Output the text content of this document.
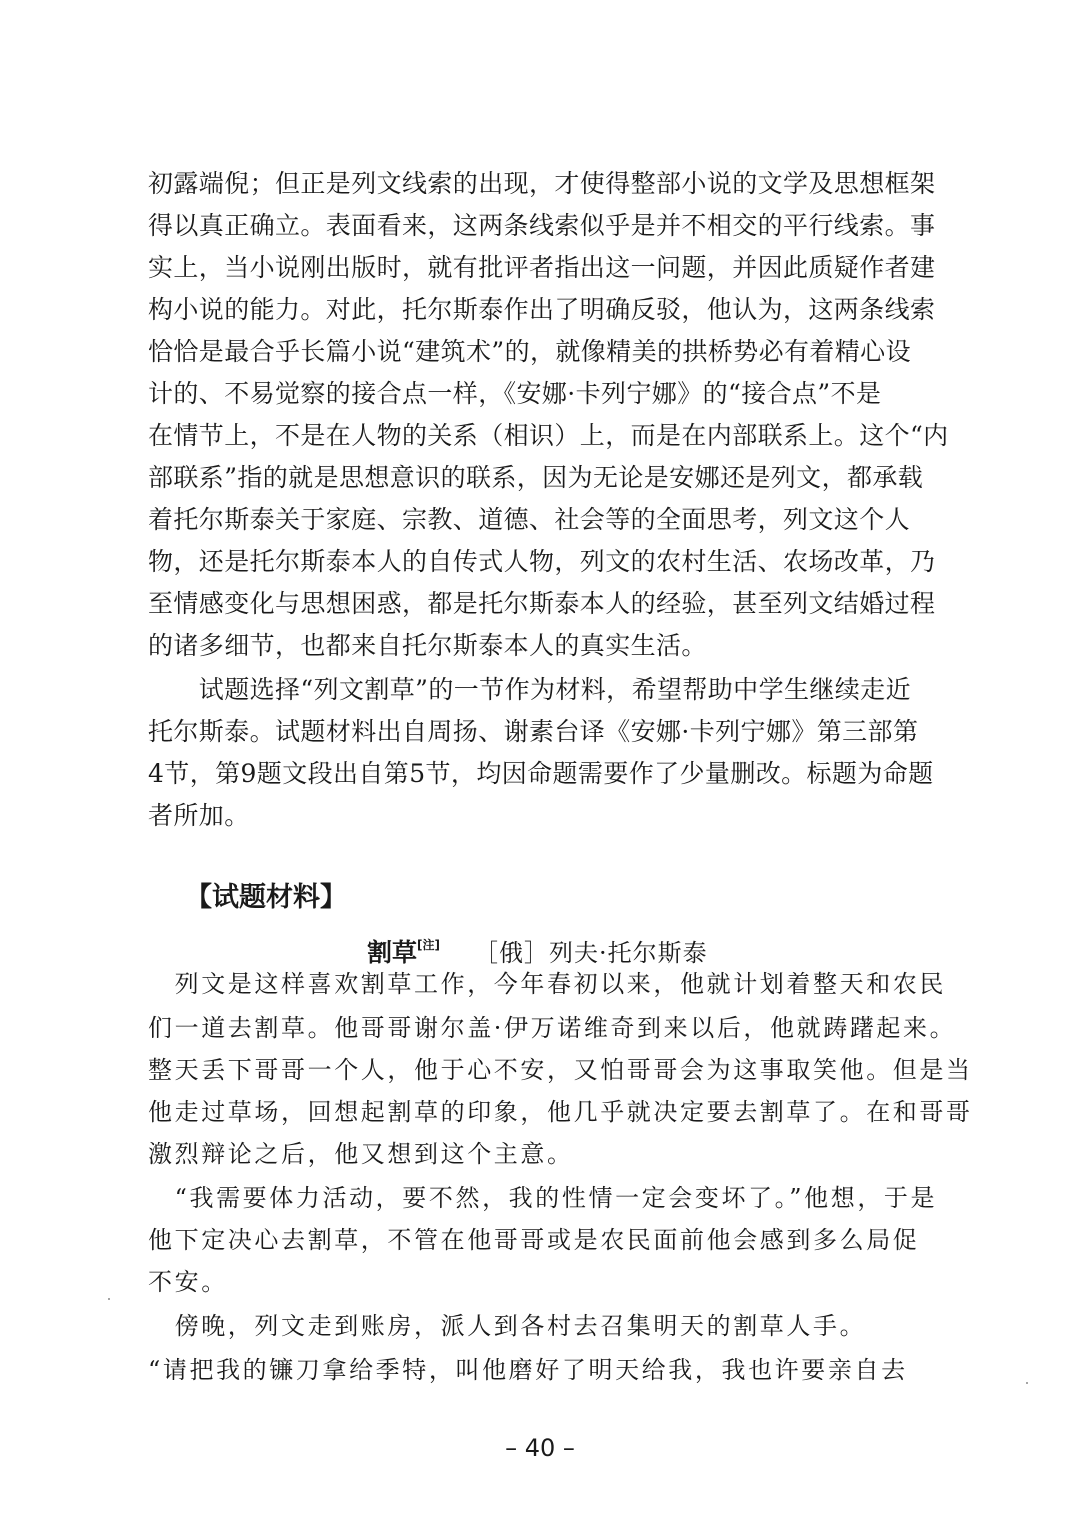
初露端倪；但正是列文线索的出现，才使得整部小说的文学及思想框架
得以真正确立。表面看来，这两条线索似乎是并不相交的平行线索。事
实上，当小说刚出版时，就有批评者指出这一问题，并因此质疑作者建
构小说的能力。对此，托尔斯泰作出了明确反驳，他认为，这两条线索
恰恰是最合乎长篇小说“建筑术”的，就像精美的拱桥势必有着精心设
计的、不易觉察的接合点一样，《安娜·卡列宁娜》的“接合点”不是
在情节上，不是在人物的关系（相识）上，而是在内部联系上。这个“内
部联系”指的就是思想意识的联系，因为无论是安娜还是列文，都承载
着托尔斯泰关于家庭、宗教、道德、社会等的全面思考，列文这个人
物，还是托尔斯泰本人的自传式人物，列文的农村生活、农场改革，乃
至情感变化与思想困惑，都是托尔斯泰本人的经验，甚至列文结婚过程
的诸多细节，也都来自托尔斯泰本人的真实生活。
　　试题选择“列文割草”的一节作为材料，希望帮助中学生继续走近
托尔斯泰。试题材料出自周扬、谢素台译《安娜·卡列宁娜》第三部第
4节，第9题文段出自第5节，均因命题需要作了少量删改。标题为命题
者所加。
【试题材料】
割草[注] ［俄］列夫·托尔斯泰
　列文是这样喜欢割草工作，今年春初以来，他就计划着整天和农民
们一道去割草。他哥哥谢尔盖·伊万诺维奇到来以后，他就踌躇起来。
整天丢下哥哥一个人，他于心不安，又怕哥哥会为这事取笑他。但是当
他走过草场，回想起割草的印象，他几乎就决定要去割草了。在和哥哥
激烈辩论之后，他又想到这个主意。
　“我需要体力活动，要不然，我的性情一定会变坏了。”他想，于是
他下定决心去割草，不管在他哥哥或是农民面前他会感到多么局促
不安。
　傍晚，列文走到账房，派人到各村去召集明天的割草人手。
“请把我的镰刀拿给季特，叫他磨好了明天给我，我也许要亲自去
– 40 –
